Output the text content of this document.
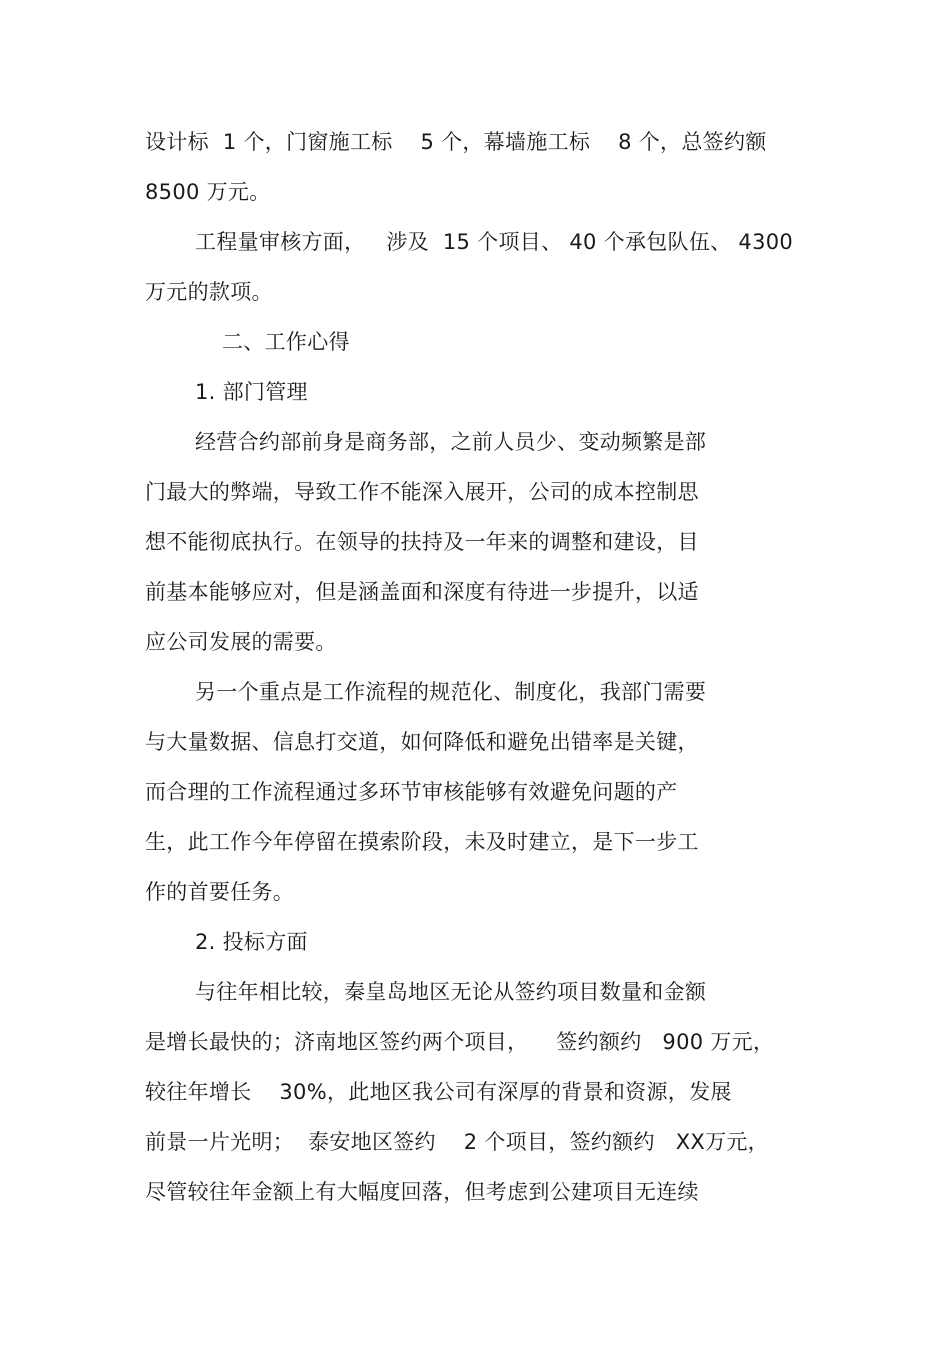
设计标  1 个，门窗施工标    5 个，幕墙施工标    8 个，总签约额
8500 万元。
工程量审核方面，   涉及  15 个项目、 40 个承包队伍、 4300
万元的款项。
二、工作心得
1. 部门管理
经营合约部前身是商务部，之前人员少、变动频繁是部
门最大的弊端，导致工作不能深入展开，公司的成本控制思
想不能彻底执行。在领导的扶持及一年来的调整和建设，目
前基本能够应对，但是涵盖面和深度有待进一步提升，以适
应公司发展的需要。
另一个重点是工作流程的规范化、制度化，我部门需要
与大量数据、信息打交道，如何降低和避免出错率是关键，
而合理的工作流程通过多环节审核能够有效避免问题的产
生，此工作今年停留在摸索阶段，未及时建立，是下一步工
作的首要任务。
2. 投标方面
与往年相比较，秦皇岛地区无论从签约项目数量和金额
是增长最快的；济南地区签约两个项目，    签约额约   900 万元，
较往年增长    30%，此地区我公司有深厚的背景和资源，发展
前景一片光明；  泰安地区签约    2 个项目，签约额约   XX万元，
尽管较往年金额上有大幅度回落，但考虑到公建项目无连续
